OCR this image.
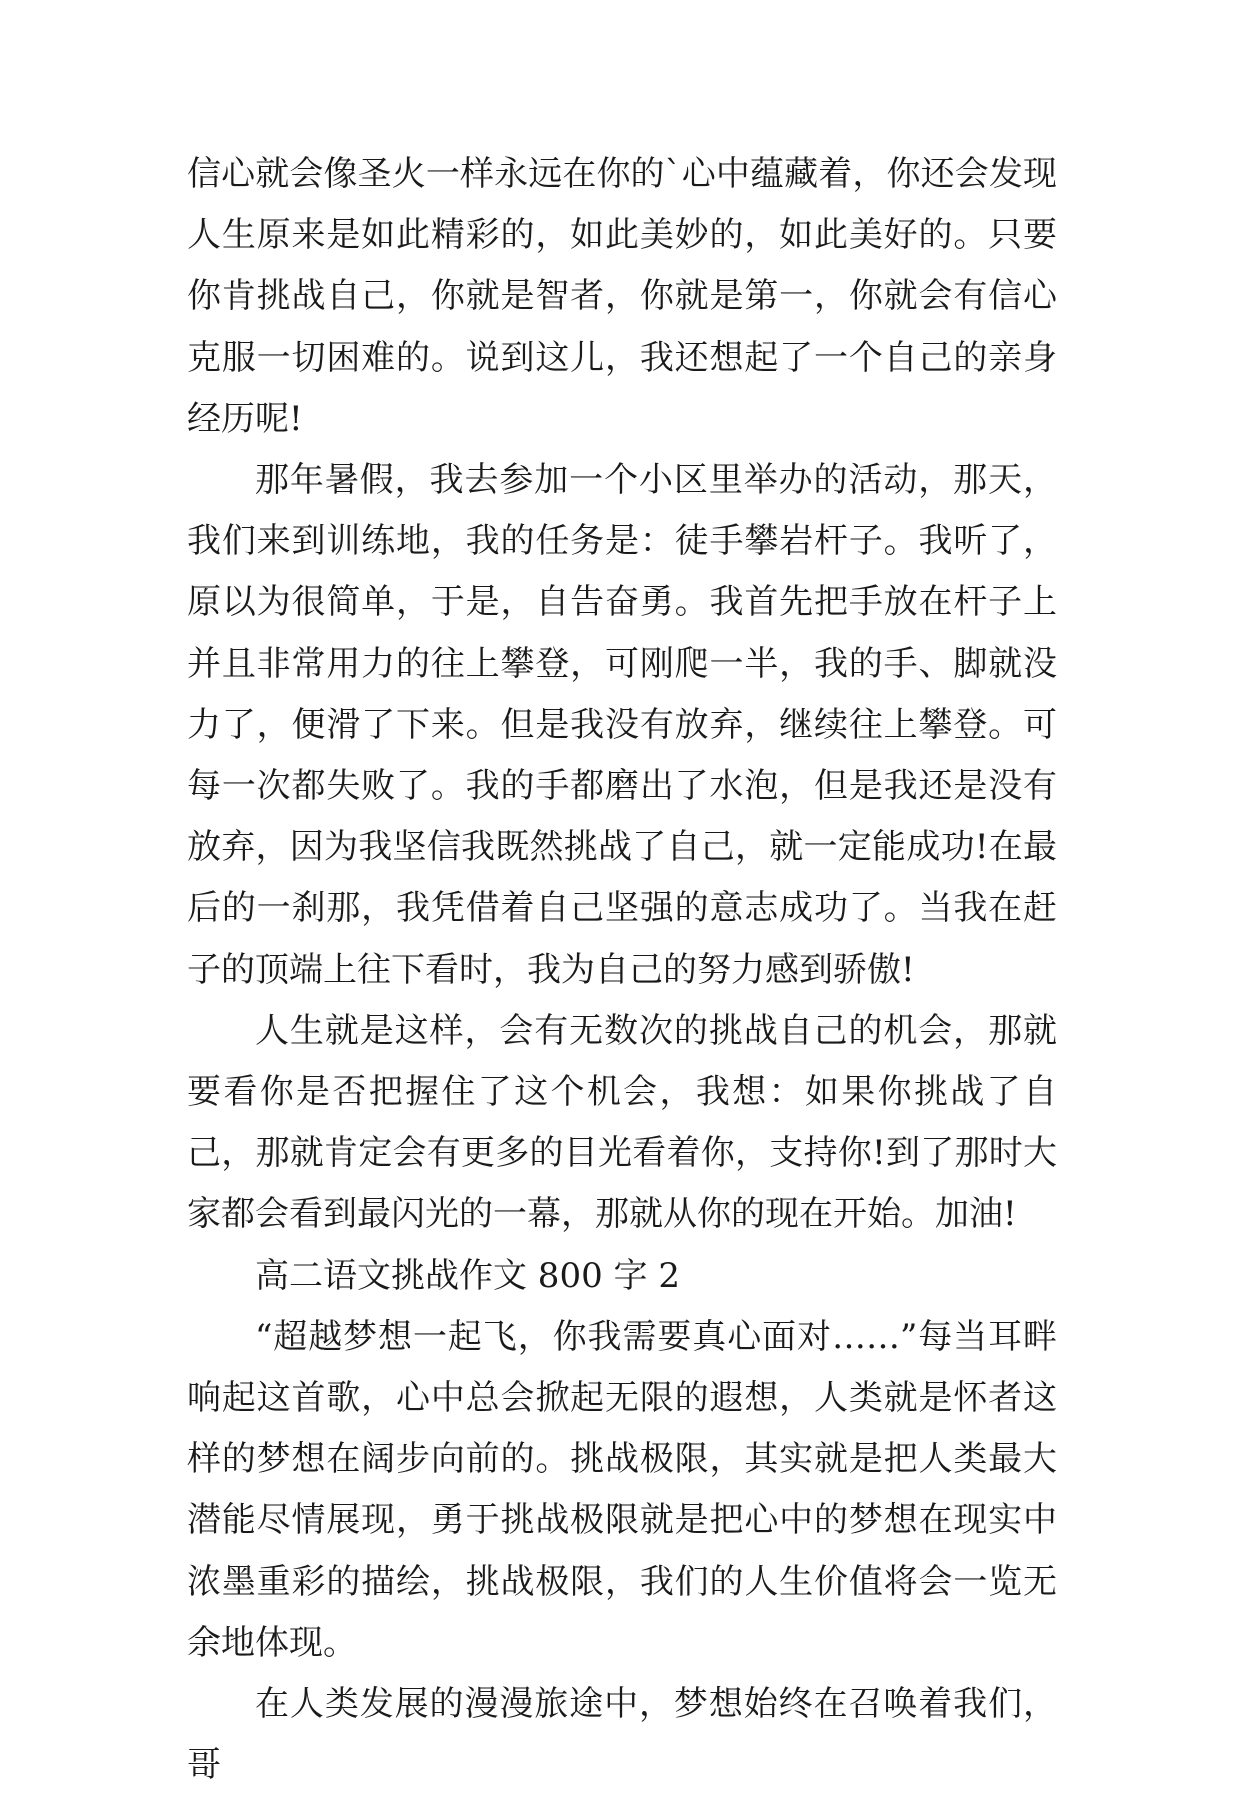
信心就会像圣火一样永远在你的`心中蕴藏着，你还会发现人生原来是如此精彩的，如此美妙的，如此美好的。只要你肯挑战自己，你就是智者，你就是第一，你就会有信心克服一切困难的。说到这儿，我还想起了一个自己的亲身经历呢!

那年暑假，我去参加一个小区里举办的活动，那天，我们来到训练地，我的任务是：徒手攀岩杆子。我听了，原以为很简单，于是，自告奋勇。我首先把手放在杆子上并且非常用力的往上攀登，可刚爬一半，我的手、脚就没力了，便滑了下来。但是我没有放弃，继续往上攀登。可每一次都失败了。我的手都磨出了水泡，但是我还是没有放弃，因为我坚信我既然挑战了自己，就一定能成功!在最后的一刹那，我凭借着自己坚强的意志成功了。当我在赶子的顶端上往下看时，我为自己的努力感到骄傲!

人生就是这样，会有无数次的挑战自己的机会，那就要看你是否把握住了这个机会，我想：如果你挑战了自己，那就肯定会有更多的目光看着你，支持你!到了那时大家都会看到最闪光的一幕，那就从你的现在开始。加油!

高二语文挑战作文 800 字 2

“超越梦想一起飞，你我需要真心面对……”每当耳畔响起这首歌，心中总会掀起无限的遐想，人类就是怀者这样的梦想在阔步向前的。挑战极限，其实就是把人类最大潜能尽情展现，勇于挑战极限就是把心中的梦想在现实中浓墨重彩的描绘，挑战极限，我们的人生价值将会一览无余地体现。

在人类发展的漫漫旅途中，梦想始终在召唤着我们，哥
